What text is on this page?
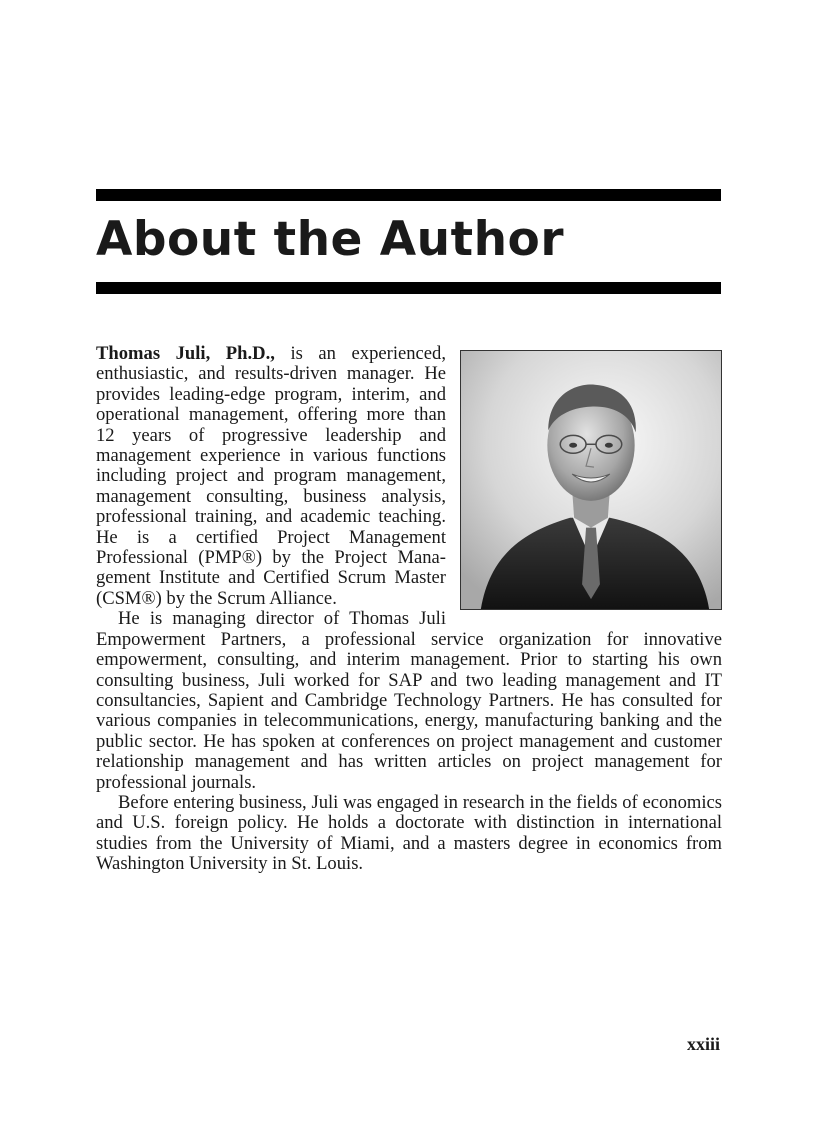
About the Author

Thomas Juli, Ph.D., is an experienced, enthusiastic, and results-driven manager. He provides leading-edge program, interim, and operational management, offering more than 12 years of progressive leadership and management experience in various functions including project and program management, management consulting, business analysis, professional training, and academic teaching. He is a certified Project Management Professional (PMP®) by the Project Management Institute and Certified Scrum Master (CSM®) by the Scrum Alliance.

He is managing director of Thomas Juli Empowerment Partners, a professional service organization for innovative empowerment, consulting, and interim management. Prior to starting his own consulting business, Juli worked for SAP and two leading management and IT consultancies, Sapient and Cambridge Technology Partners. He has consulted for various companies in telecommunications, energy, manufacturing banking and the public sector. He has spoken at conferences on project management and customer relationship management and has written articles on project management for professional journals.

Before entering business, Juli was engaged in research in the fields of economics and U.S. foreign policy. He holds a doctorate with distinction in international studies from the University of Miami, and a masters degree in economics from Washington University in St. Louis.

xxiii
